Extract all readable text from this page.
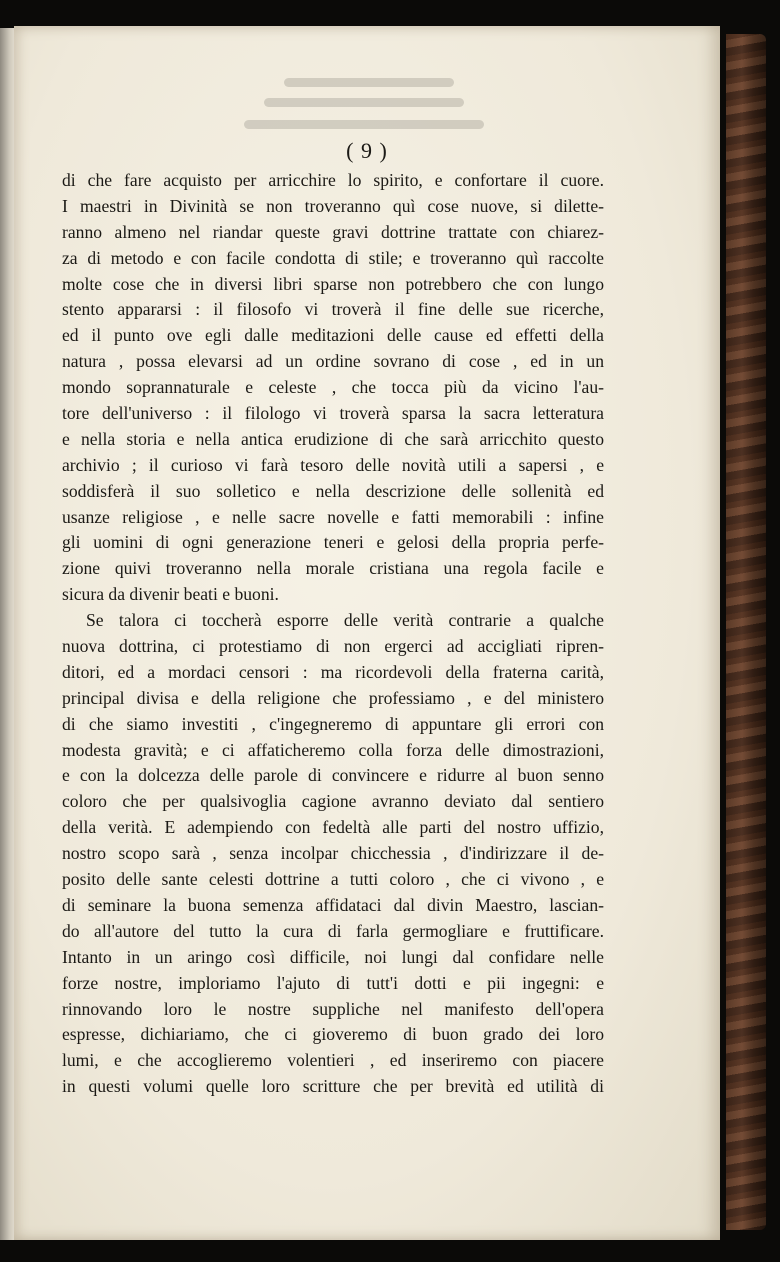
( 9 )
di che fare acquisto per arricchire lo spirito, e confortare il cuore.
I maestri in Divinità se non troveranno quì cose nuove, si dilette-
ranno almeno nel riandar queste gravi dottrine trattate con chiarez-
za di metodo e con facile condotta di stile; e troveranno quì raccolte
molte cose che in diversi libri sparse non potrebbero che con lungo
stento appararsi : il filosofo vi troverà il fine delle sue ricerche,
ed il punto ove egli dalle meditazioni delle cause ed effetti della
natura , possa elevarsi ad un ordine sovrano di cose , ed in un
mondo soprannaturale e celeste , che tocca più da vicino l'au-
tore dell'universo : il filologo vi troverà sparsa la sacra letteratura
e nella storia e nella antica erudizione di che sarà arricchito questo
archivio ; il curioso vi farà tesoro delle novità utili a sapersi , e
soddisferà il suo solletico e nella descrizione delle sollenità ed
usanze religiose , e nelle sacre novelle e fatti memorabili : infine
gli uomini di ogni generazione teneri e gelosi della propria perfe-
zione quivi troveranno nella morale cristiana una regola facile e
sicura da divenir beati e buoni.
Se talora ci toccherà esporre delle verità contrarie a qualche
nuova dottrina, ci protestiamo di non ergerci ad accigliati ripren-
ditori, ed a mordaci censori : ma ricordevoli della fraterna carità,
principal divisa e della religione che professiamo , e del ministero
di che siamo investiti , c'ingegneremo di appuntare gli errori con
modesta gravità; e ci affaticheremo colla forza delle dimostrazioni,
e con la dolcezza delle parole di convincere e ridurre al buon senno
coloro che per qualsivoglia cagione avranno deviato dal sentiero
della verità. E adempiendo con fedeltà alle parti del nostro uffizio,
nostro scopo sarà , senza incolpar chicchessia , d'indirizzare il de-
posito delle sante celesti dottrine a tutti coloro , che ci vivono , e
di seminare la buona semenza affidataci dal divin Maestro, lascian-
do all'autore del tutto la cura di farla germogliare e fruttificare.
Intanto in un aringo così difficile, noi lungi dal confidare nelle
forze nostre, imploriamo l'ajuto di tutt'i dotti e pii ingegni: e
rinnovando loro le nostre suppliche nel manifesto dell'opera
espresse, dichiariamo, che ci gioveremo di buon grado dei loro
lumi, e che accoglieremo volentieri , ed inseriremo con piacere
in questi volumi quelle loro scritture che per brevità ed utilità di
